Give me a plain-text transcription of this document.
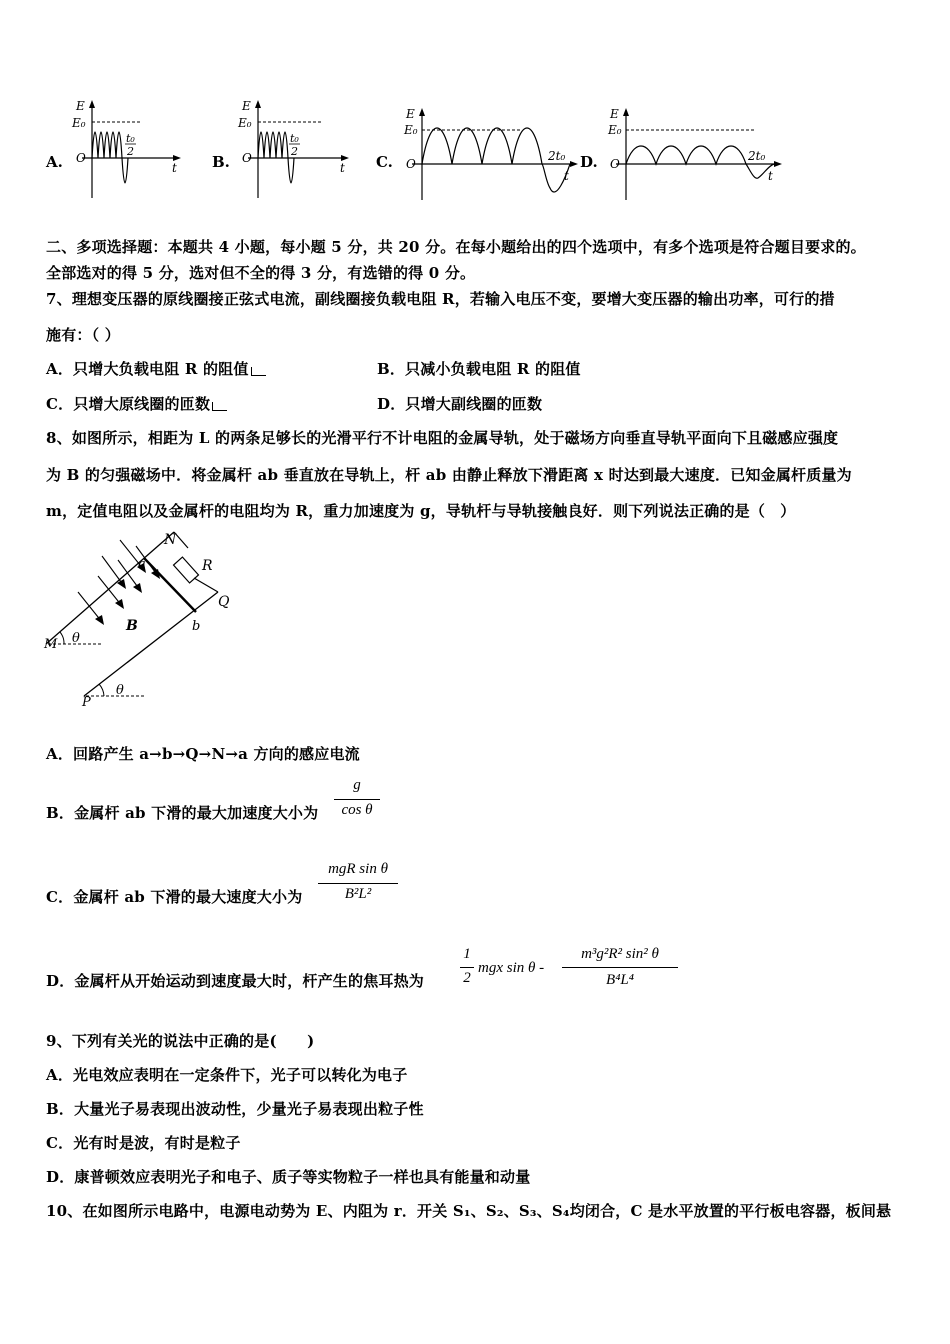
A.
E
E₀
O
t₀
2
t B.
E
E₀
O
t₀
2
t C.
E
E₀
O
2t₀
t
D.
E
E₀
O
2t₀
t
二、多项选择题：本题共 4 小题，每小题 5 分，共 20 分。在每小题给出的四个选项中，有多个选项是符合题目要求的。
全部选对的得 5 分，选对但不全的得 3 分，有选错的得 0 分。
7、理想变压器的原线圈接正弦式电流，副线圈接负载电阻 R，若输入电压不变，要增大变压器的输出功率，可行的措
施有：（ ）
A．只增大负载电阻 R 的阻值	B．只减小负载电阻 R 的阻值
C．只增大原线圈的匝数	D．只增大副线圈的匝数
8、如图所示，相距为 L 的两条足够长的光滑平行不计电阻的金属导轨，处于磁场方向垂直导轨平面向下且磁感应强度
为 B 的匀强磁场中．将金属杆 ab 垂直放在导轨上，杆 ab 由静止释放下滑距离 x 时达到最大速度．已知金属杆质量为
m，定值电阻以及金属杆的电阻均为 R，重力加速度为 g，导轨杆与导轨接触良好．则下列说法正确的是（　）
N
R
a
Q
B
M θ
b
P
θ
A．回路产生 a→b→Q→N→a 方向的感应电流
B．金属杆 ab 下滑的最大加速度大小为
g
cos θ
C．金属杆 ab 下滑的最大速度大小为
mgR sin θ
B²L²
D．金属杆从开始运动到速度最大时，杆产生的焦耳热为
1
2
mgx sin θ -
m³g²R² sin² θ
B⁴L⁴
9、下列有关光的说法中正确的是(　　)
A．光电效应表明在一定条件下，光子可以转化为电子
B．大量光子易表现出波动性，少量光子易表现出粒子性
C．光有时是波，有时是粒子
D．康普顿效应表明光子和电子、质子等实物粒子一样也具有能量和动量
10、在如图所示电路中，电源电动势为 E、内阻为 r．开关 S₁、S₂、S₃、S₄均闭合，C 是水平放置的平行板电容器，板间悬
